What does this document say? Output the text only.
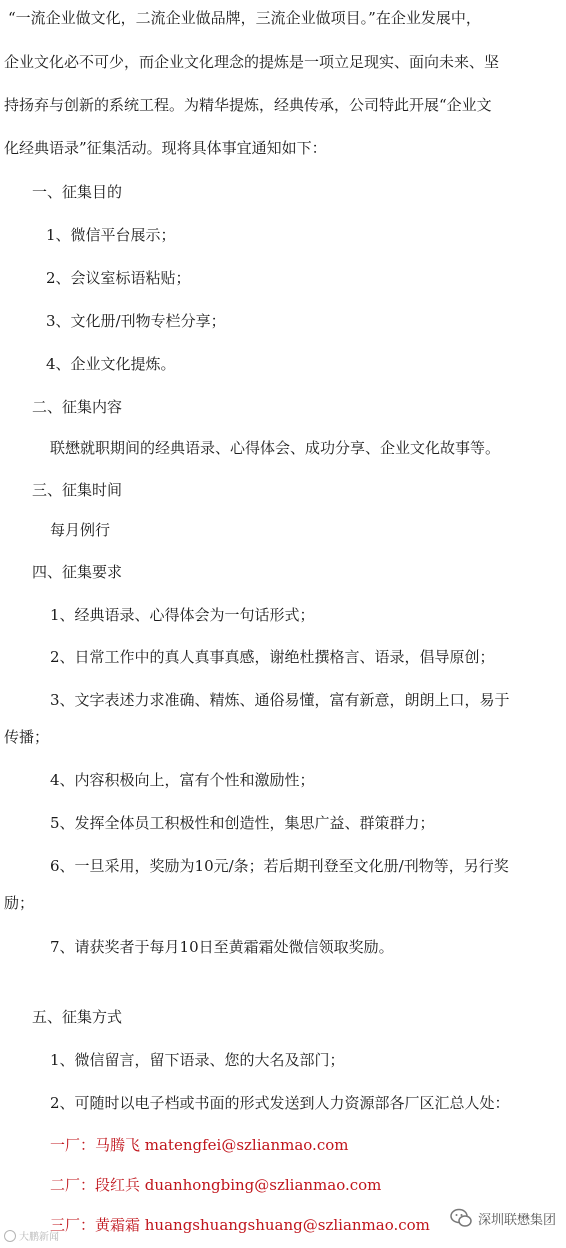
“一流企业做文化，二流企业做品牌，三流企业做项目。”在企业发展中，
企业文化必不可少，而企业文化理念的提炼是一项立足现实、面向未来、坚
持扬弃与创新的系统工程。为精华提炼，经典传承，公司特此开展“企业文
化经典语录”征集活动。现将具体事宜通知如下：
一、征集目的
1、微信平台展示；
2、会议室标语粘贴；
3、文化册/刊物专栏分享；
4、企业文化提炼。
二、征集内容
联懋就职期间的经典语录、心得体会、成功分享、企业文化故事等。
三、征集时间
每月例行
四、征集要求
1、经典语录、心得体会为一句话形式；
2、日常工作中的真人真事真感，谢绝杜撰格言、语录，倡导原创；
3、文字表述力求准确、精炼、通俗易懂，富有新意，朗朗上口，易于
传播；
4、内容积极向上，富有个性和激励性；
5、发挥全体员工积极性和创造性，集思广益、群策群力；
6、一旦采用，奖励为10元/条；若后期刊登至文化册/刊物等，另行奖
励；
7、请获奖者于每月10日至黄霜霜处微信领取奖励。
五、征集方式
1、微信留言，留下语录、您的大名及部门；
2、可随时以电子档或书面的形式发送到人力资源部各厂区汇总人处：
一厂：马腾飞 matengfei@szlianmao.com
二厂：段红兵 duanhongbing@szlianmao.com
三厂：黄霜霜 huangshuangshuang@szlianmao.com
大鹏新闻
深圳联懋集团
